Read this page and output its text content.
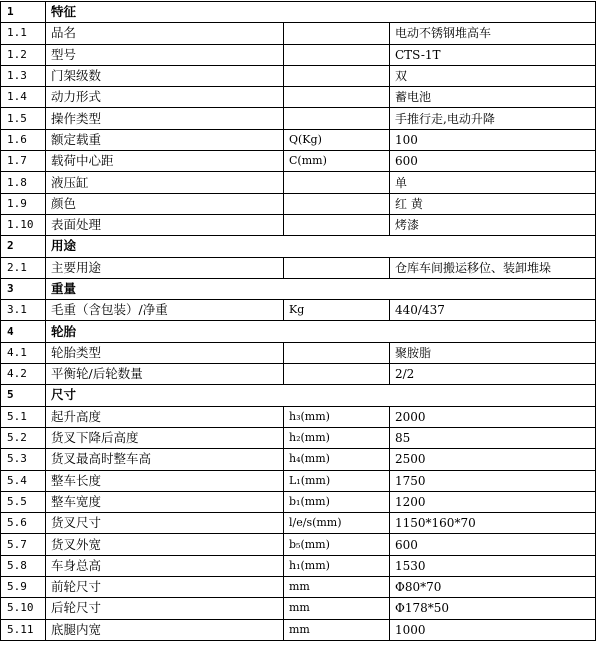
1	特征		
1.1	品名		电动不锈钢堆高车
1.2	型号		CTS-1T
1.3	门架级数		双
1.4	动力形式		蓄电池
1.5	操作类型		手推行走,电动升降
1.6	额定载重	Q(Kg)	100
1.7	载荷中心距	C(mm)	600
1.8	液压缸		单
1.9	颜色		红 黄
1.10	表面处理		烤漆
2	用途		
2.1	主要用途		仓库车间搬运移位、装卸堆垛
3	重量		
3.1	毛重（含包装）/净重	Kg	440/437
4	轮胎		
4.1	轮胎类型		聚胺脂
4.2	平衡轮/后轮数量		2/2
5	尺寸		
5.1	起升高度	h₃(mm)	2000
5.2	货叉下降后高度	h₂(mm)	85
5.3	货叉最高时整车高	h₄(mm)	2500
5.4	整车长度	L₁(mm)	1750
5.5	整车宽度	b₁(mm)	1200
5.6	货叉尺寸	l/e/s(mm)	1150*160*70
5.7	货叉外宽	b₅(mm)	600
5.8	车身总高	h₁(mm)	1530
5.9	前轮尺寸	mm	Φ80*70
5.10	后轮尺寸	mm	Φ178*50
5.11	底腿内宽	mm	1000
